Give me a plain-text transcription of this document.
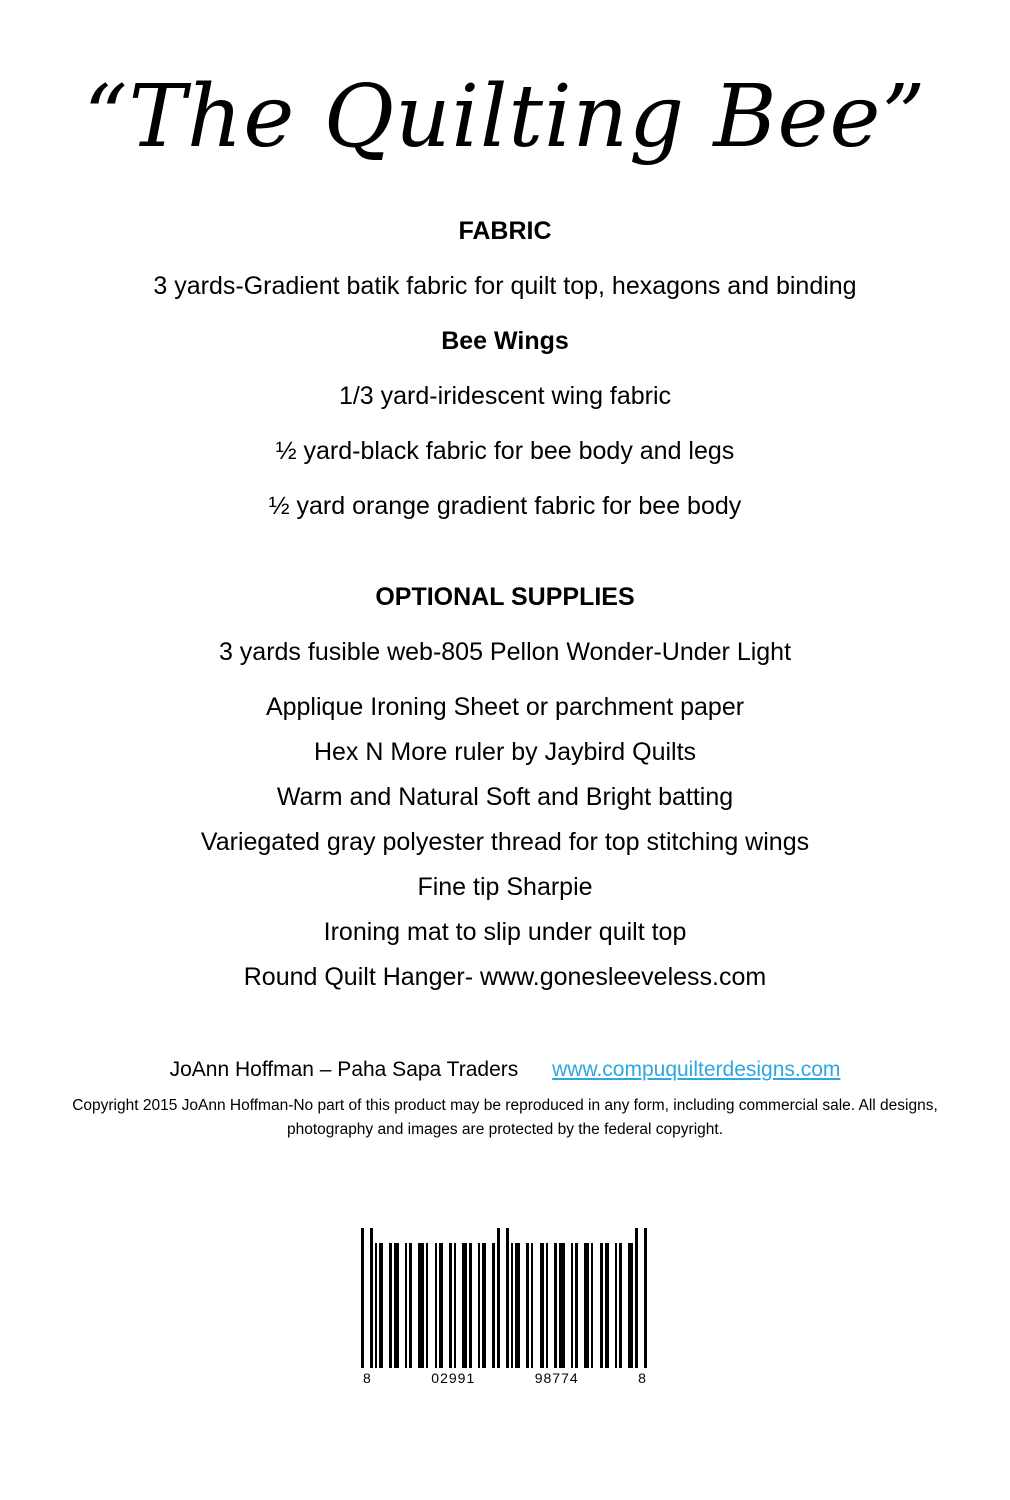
“The Quilting Bee”

FABRIC

3 yards-Gradient batik fabric for quilt top, hexagons and binding

Bee Wings

1/3 yard-iridescent wing fabric

½ yard-black fabric for bee body and legs

½ yard orange gradient fabric for bee body

OPTIONAL SUPPLIES

3 yards fusible web-805 Pellon Wonder-Under Light

Applique Ironing Sheet or parchment paper

Hex N More ruler by Jaybird Quilts

Warm and Natural Soft and Bright batting

Variegated gray polyester thread for top stitching wings

Fine tip Sharpie

Ironing mat to slip under quilt top

Round Quilt Hanger- www.gonesleeveless.com

JoAnn Hoffman – Paha Sapa Traders www.compuquilterdesigns.com

Copyright 2015 JoAnn Hoffman-No part of this product may be reproduced in any form, including commercial sale. All designs, photography and images are protected by the federal copyright.

8	02991	98774	8
